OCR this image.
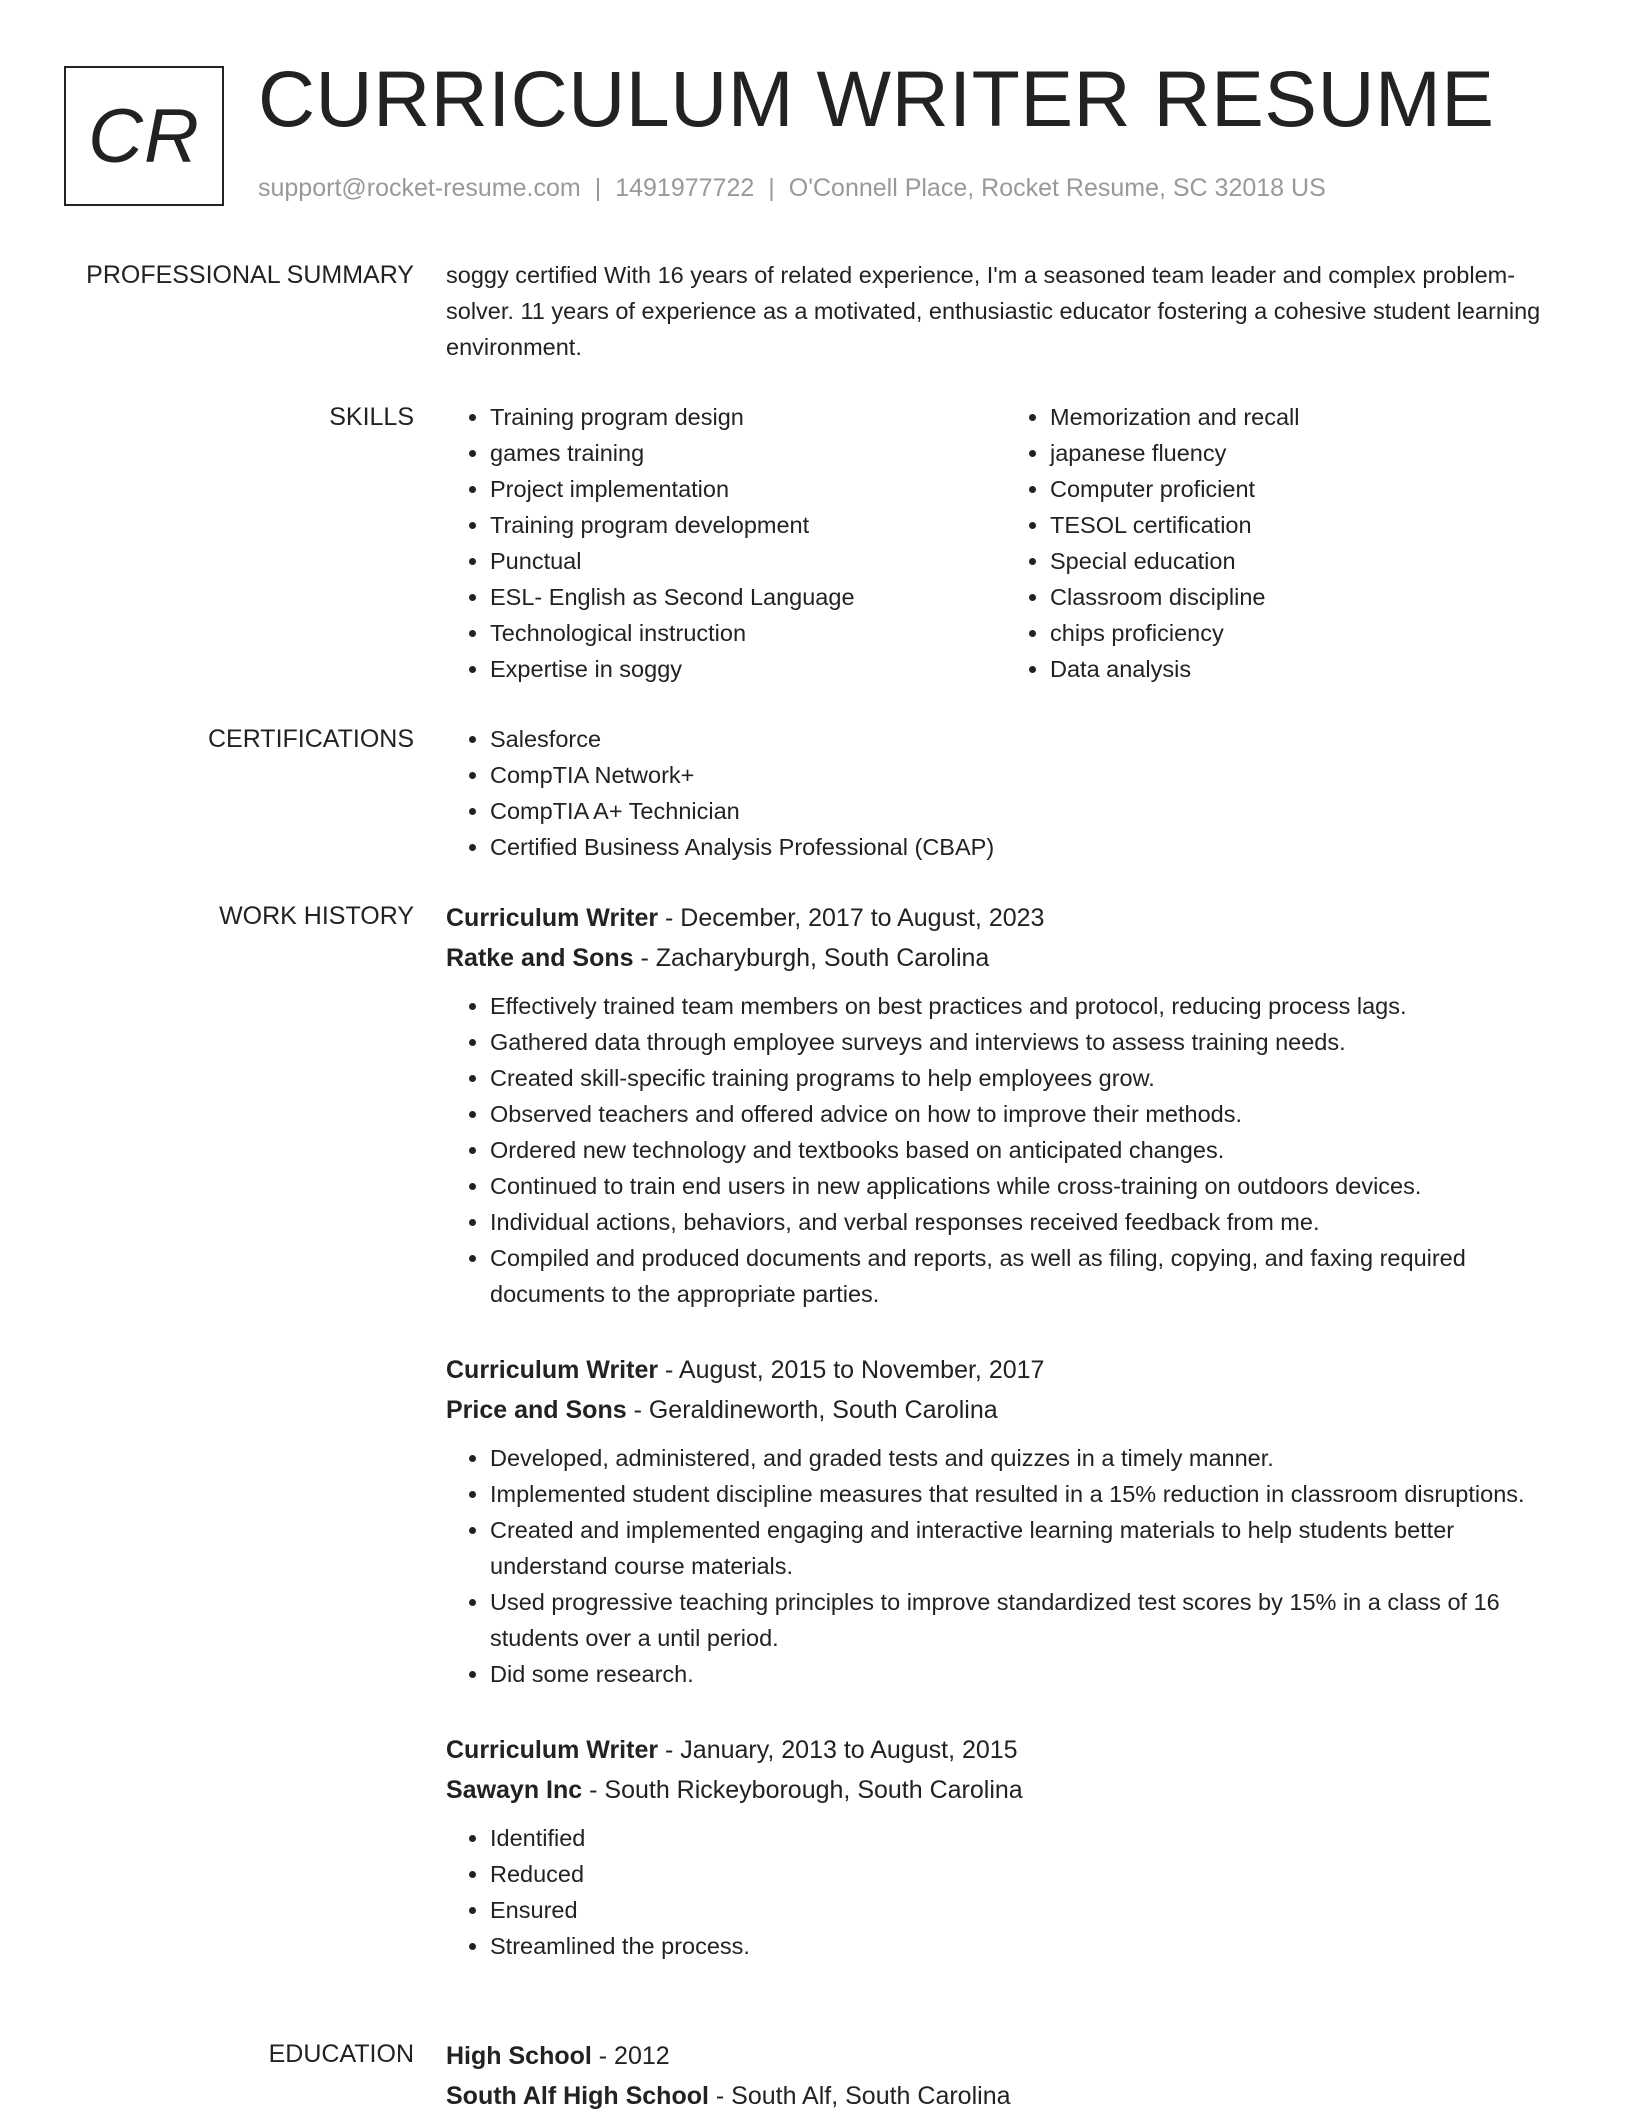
CR CURRICULUM WRITER RESUME
support@rocket-resume.com | 1491977722 | O'Connell Place, Rocket Resume, SC 32018 US
PROFESSIONAL SUMMARY soggy certified With 16 years of related experience, I'm a seasoned team leader and complex problem-solver. 11 years of experience as a motivated, enthusiastic educator fostering a cohesive student learning environment.
SKILLS	• Training program design
• games training
• Project implementation
• Training program development
• Punctual
• ESL- English as Second Language
• Technological instruction
• Expertise in soggy
• Memorization and recall
• japanese fluency
• Computer proficient
• TESOL certification
• Special education
• Classroom discipline
• chips proficiency
• Data analysis
CERTIFICATIONS	• Salesforce
• CompTIA Network+
• CompTIA A+ Technician
• Certified Business Analysis Professional (CBAP)
WORK HISTORY Curriculum Writer - December, 2017 to August, 2023
Ratke and Sons - Zacharyburgh, South Carolina
• Effectively trained team members on best practices and protocol, reducing process lags.
• Gathered data through employee surveys and interviews to assess training needs.
• Created skill-specific training programs to help employees grow.
• Observed teachers and offered advice on how to improve their methods.
• Ordered new technology and textbooks based on anticipated changes.
• Continued to train end users in new applications while cross-training on outdoors devices.
• Individual actions, behaviors, and verbal responses received feedback from me.
• Compiled and produced documents and reports, as well as filing, copying, and faxing required documents to the appropriate parties.
Curriculum Writer - August, 2015 to November, 2017
Price and Sons - Geraldineworth, South Carolina
• Developed, administered, and graded tests and quizzes in a timely manner.
• Implemented student discipline measures that resulted in a 15% reduction in classroom disruptions.
• Created and implemented engaging and interactive learning materials to help students better understand course materials.
• Used progressive teaching principles to improve standardized test scores by 15% in a class of 16 students over a until period.
• Did some research.
Curriculum Writer - January, 2013 to August, 2015
Sawayn Inc - South Rickeyborough, South Carolina
• Identified
• Reduced
• Ensured
• Streamlined the process.
EDUCATION High School - 2012
South Alf High School - South Alf, South Carolina
